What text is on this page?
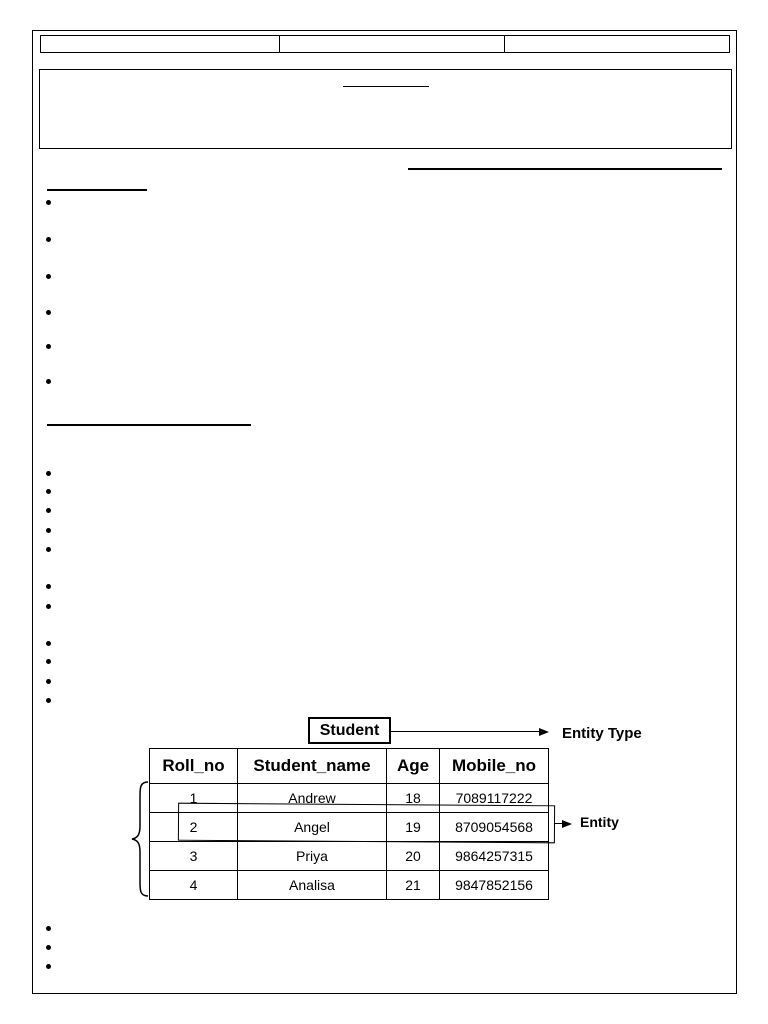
Student	Entity Type
Roll_no	Student_name	Age	Mobile_no
1	Andrew	18	7089117222
2	Angel	19	8709054568
3	Priya	20	9864257315
4	Analisa	21	9847852156
Entity
